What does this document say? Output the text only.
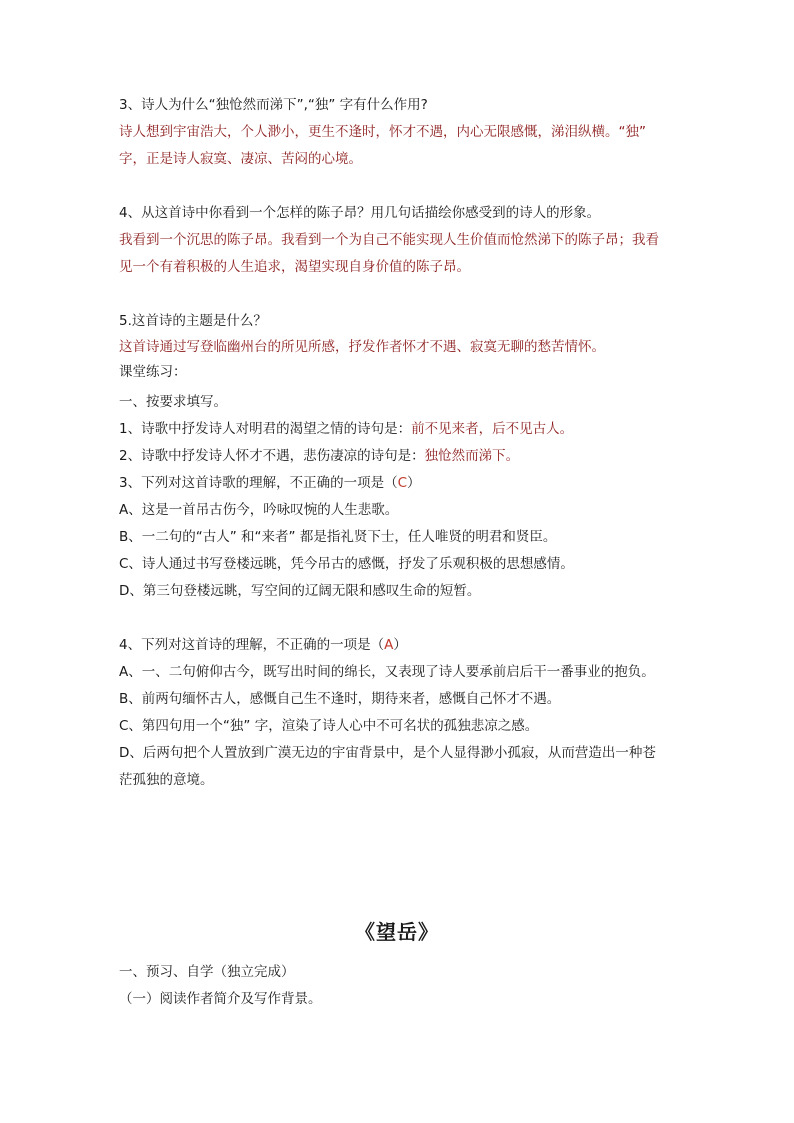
3、诗人为什么“独怆然而涕下”,“独” 字有什么作用?
诗人想到宇宙浩大，个人渺小，更生不逢时，怀才不遇，内心无限感慨，涕泪纵横。“独”
字，正是诗人寂寞、凄凉、苦闷的心境。
4、从这首诗中你看到一个怎样的陈子昂？用几句话描绘你感受到的诗人的形象。
我看到一个沉思的陈子昂。我看到一个为自己不能实现人生价值而怆然涕下的陈子昂；我看
见一个有着积极的人生追求，渴望实现自身价值的陈子昂。
5.这首诗的主题是什么？
这首诗通过写登临幽州台的所见所感，抒发作者怀才不遇、寂寞无聊的愁苦情怀。
课堂练习：
一、按要求填写。
1、诗歌中抒发诗人对明君的渴望之情的诗句是：前不见来者，后不见古人。
2、诗歌中抒发诗人怀才不遇，悲伤凄凉的诗句是：独怆然而涕下。
3、下列对这首诗歌的理解，不正确的一项是（C）
A、这是一首吊古伤今，吟咏叹惋的人生悲歌。
B、一二句的“古人” 和“来者” 都是指礼贤下士，任人唯贤的明君和贤臣。
C、诗人通过书写登楼远眺，凭今吊古的感慨，抒发了乐观积极的思想感情。
D、第三句登楼远眺，写空间的辽阔无限和感叹生命的短暂。
4、下列对这首诗的理解，不正确的一项是（A）
A、一、二句俯仰古今，既写出时间的绵长，又表现了诗人要承前启后干一番事业的抱负。
B、前两句缅怀古人，感慨自己生不逢时，期待来者，感慨自己怀才不遇。
C、第四句用一个“独” 字，渲染了诗人心中不可名状的孤独悲凉之感。
D、后两句把个人置放到广漠无边的宇宙背景中，是个人显得渺小孤寂，从而营造出一种苍
茫孤独的意境。
《望岳》
一、预习、自学（独立完成）
（一）阅读作者简介及写作背景。
